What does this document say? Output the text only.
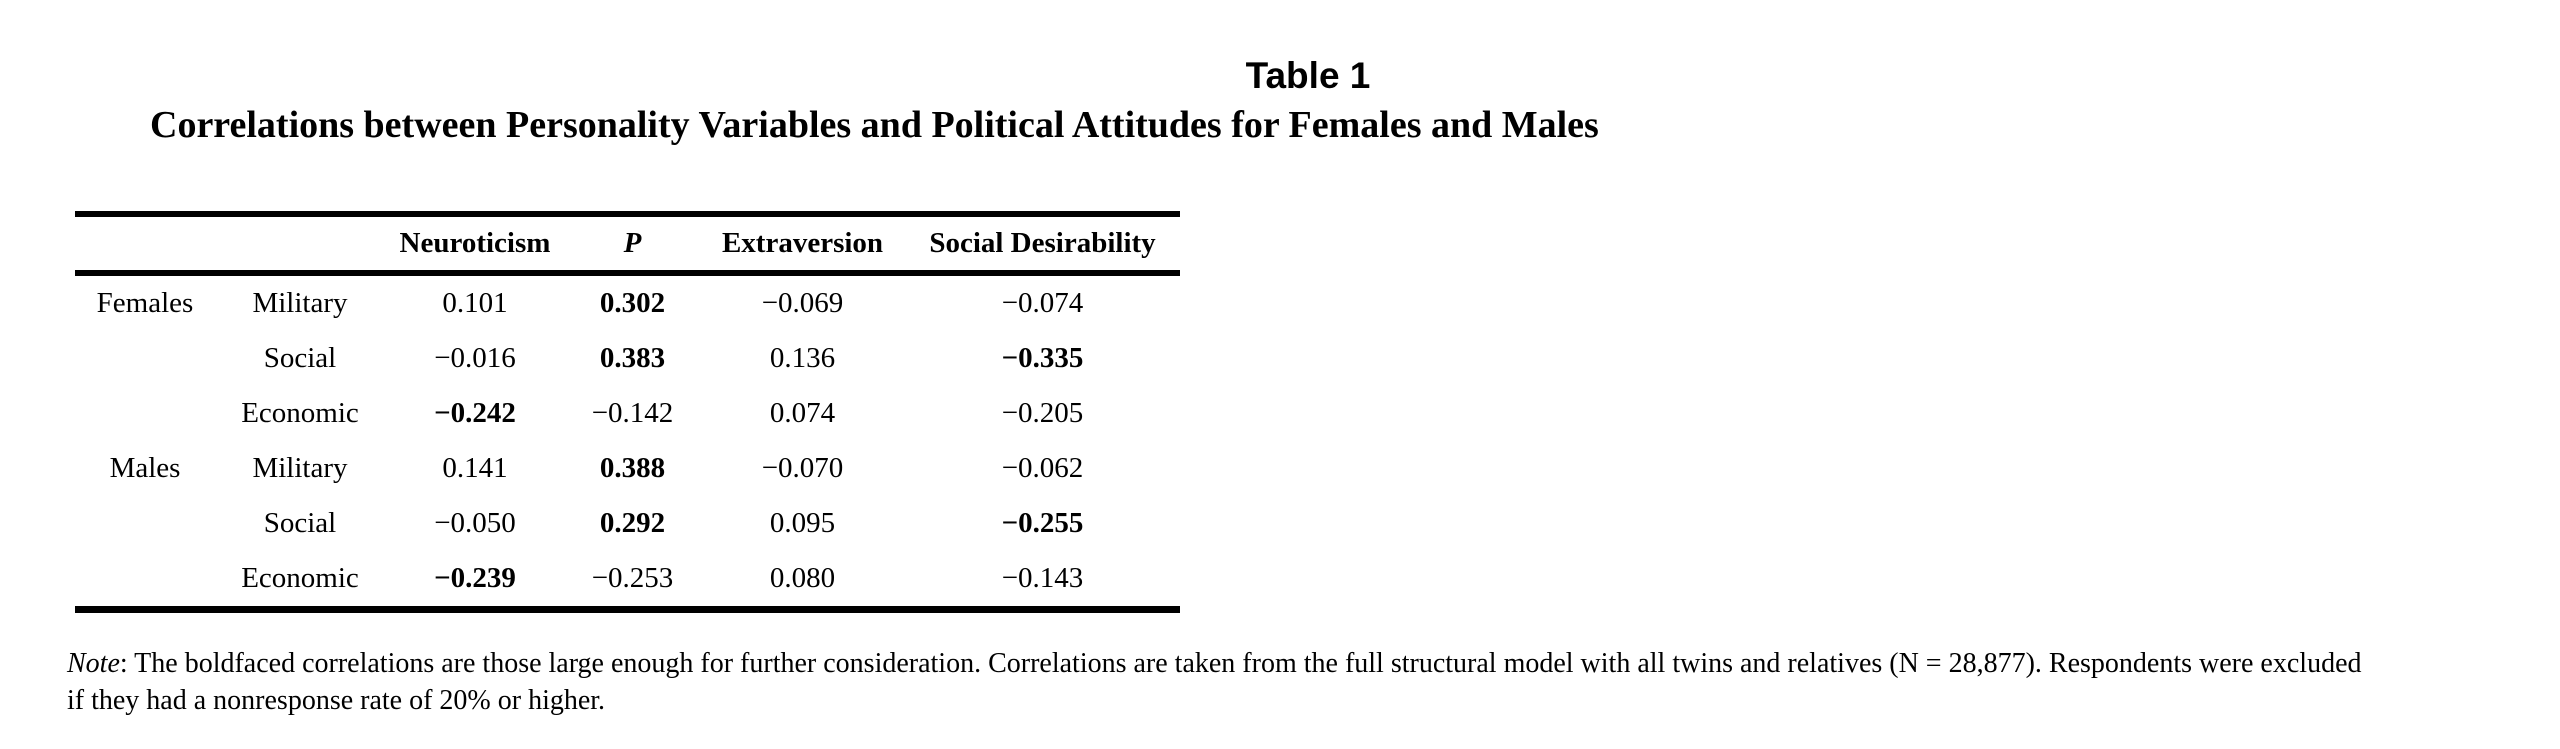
Table 1
Correlations between Personality Variables and Political Attitudes for Females and Males
		Neuroticism	P	Extraversion	Social Desirability
Females	Military	0.101	0.302	−0.069	−0.074
	Social	−0.016	0.383	0.136	−0.335
	Economic	−0.242	−0.142	0.074	−0.205
Males	Military	0.141	0.388	−0.070	−0.062
	Social	−0.050	0.292	0.095	−0.255
	Economic	−0.239	−0.253	0.080	−0.143
Note: The boldfaced correlations are those large enough for further consideration. Correlations are taken from the full structural model with all twins and relatives (N = 28,877). Respondents were excluded
if they had a nonresponse rate of 20% or higher.
